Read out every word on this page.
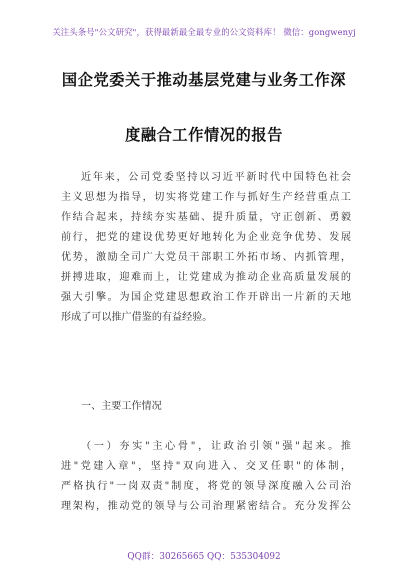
关注头条号"公文研究"，获得最新最全最专业的公文资料库！ 微信：gongwenyj
国企党委关于推动基层党建与业务工作深
度融合工作情况的报告
近年来，公司党委坚持以习近平新时代中国特色社会
主义思想为指导，切实将党建工作与抓好生产经营重点工
作结合起来，持续夯实基础、提升质量，守正创新、勇毅
前行，把党的建设优势更好地转化为企业竞争优势、发展
优势，激励全司广大党员干部职工外拓市场、内抓管理，
拼搏进取，迎难而上，让党建成为推动企业高质量发展的
强大引擎。为国企党建思想政治工作开辟出一片新的天地
形成了可以推广借鉴的有益经验。
一、主要工作情况
（一）夯实"主心骨"，让政治引领"强"起来。推
进"党建入章"，坚持"双向进入、交叉任职"的体制，
严格执行"一岗双责"制度，将党的领导深度融入公司治
理架构，推动党的领导与公司治理紧密结合。充分发挥公
QQ群：30265665 QQ：535304092
